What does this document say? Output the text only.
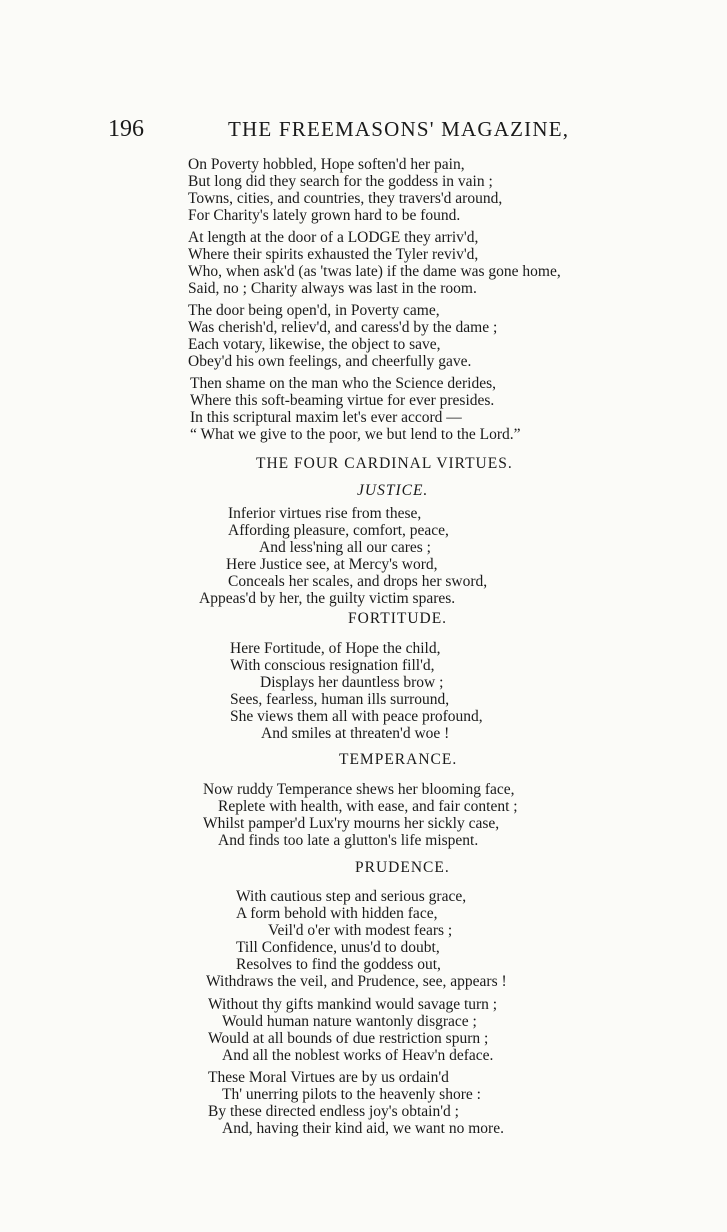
196	THE FREEMASONS' MAGAZINE,
On Poverty hobbled, Hope soften'd her pain,
But long did they search for the goddess in vain ;
Towns, cities, and countries, they travers'd around,
For Charity's lately grown hard to be found.
At length at the door of a LODGE they arriv'd,
Where their spirits exhausted the Tyler reviv'd,
Who, when ask'd (as 'twas late) if the dame was gone home,
Said, no ; Charity always was last in the room.
The door being open'd, in Poverty came,
Was cherish'd, reliev'd, and caress'd by the dame ;
Each votary, likewise, the object to save,
Obey'd his own feelings, and cheerfully gave.
Then shame on the man who the Science derides,
Where this soft-beaming virtue for ever presides.
In this scriptural maxim let's ever accord —
“ What we give to the poor, we but lend to the Lord.”
THE FOUR CARDINAL VIRTUES.
JUSTICE.
Inferior virtues rise from these,
Affording pleasure, comfort, peace,
And less'ning all our cares ;
Here Justice see, at Mercy's word,
Conceals her scales, and drops her sword,
Appeas'd by her, the guilty victim spares.
FORTITUDE.
Here Fortitude, of Hope the child,
With conscious resignation fill'd,
Displays her dauntless brow ;
Sees, fearless, human ills surround,
She views them all with peace profound,
And smiles at threaten'd woe !
TEMPERANCE.
Now ruddy Temperance shews her blooming face,
Replete with health, with ease, and fair content ;
Whilst pamper'd Lux'ry mourns her sickly case,
And finds too late a glutton's life mispent.
PRUDENCE.
With cautious step and serious grace,
A form behold with hidden face,
Veil'd o'er with modest fears ;
Till Confidence, unus'd to doubt,
Resolves to find the goddess out,
Withdraws the veil, and Prudence, see, appears !
Without thy gifts mankind would savage turn ;
Would human nature wantonly disgrace ;
Would at all bounds of due restriction spurn ;
And all the noblest works of Heav'n deface.
These Moral Virtues are by us ordain'd
Th' unerring pilots to the heavenly shore :
By these directed endless joy's obtain'd ;
And, having their kind aid, we want no more.
